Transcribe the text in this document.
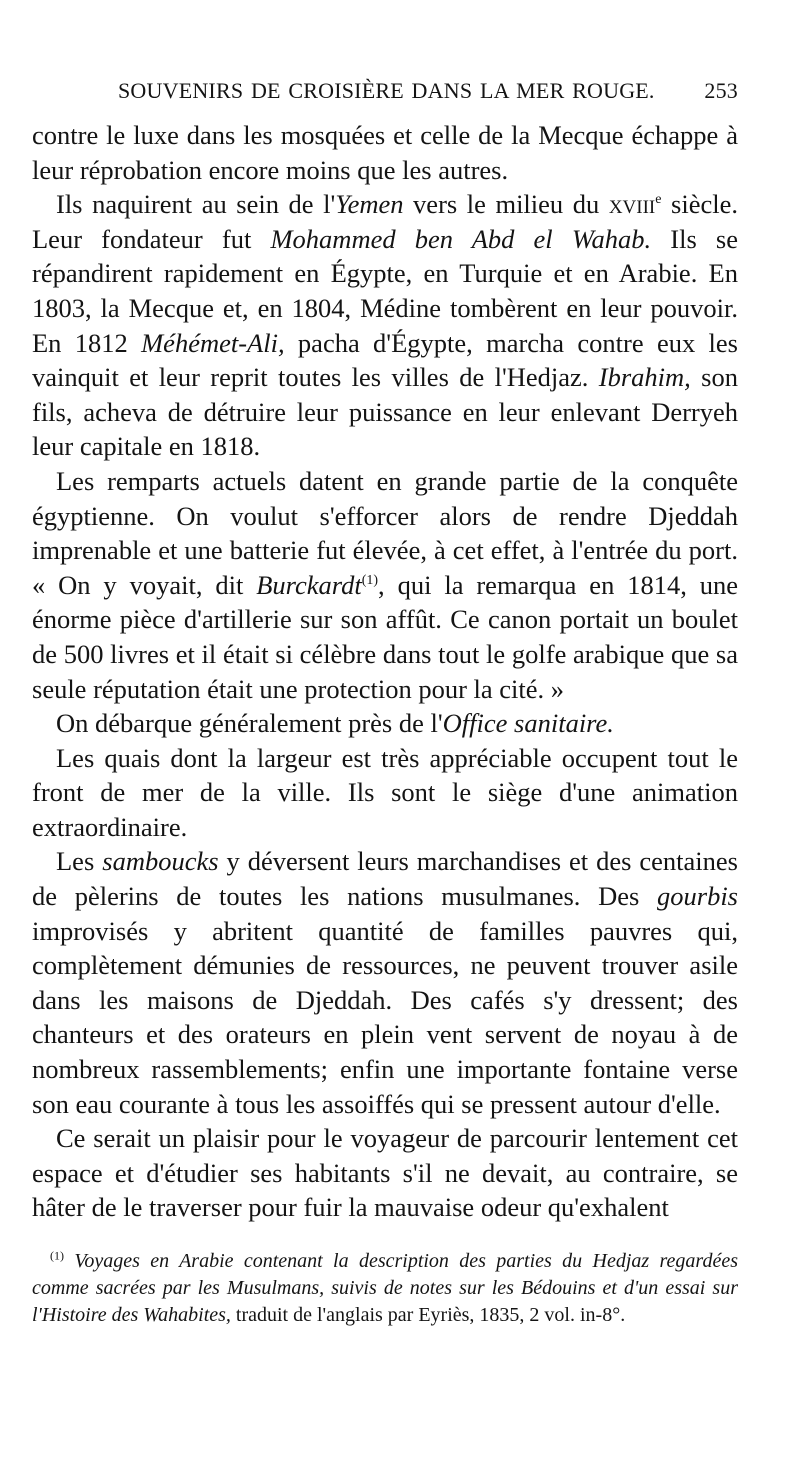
SOUVENIRS DE CROISIÈRE DANS LA MER ROUGE. 253

contre le luxe dans les mosquées et celle de la Mecque échappe à leur réprobation encore moins que les autres.

Ils naquirent au sein de l'Yemen vers le milieu du xviii$^e$ siècle. Leur fondateur fut Mohammed ben Abd el Wahab. Ils se répandirent rapidement en Égypte, en Turquie et en Arabie. En 1803, la Mecque et, en 1804, Médine tombèrent en leur pouvoir. En 1812 Méhémet-Ali, pacha d'Égypte, marcha contre eux les vainquit et leur reprit toutes les villes de l'Hedjaz. Ibrahim, son fils, acheva de détruire leur puissance en leur enlevant Derryeh leur capitale en 1818.

Les remparts actuels datent en grande partie de la conquête égyptienne. On voulut s'efforcer alors de rendre Djeddah imprenable et une batterie fut élevée, à cet effet, à l'entrée du port. « On y voyait, dit Burckardt$^{(1)}$, qui la remarqua en 1814, une énorme pièce d'artillerie sur son affût. Ce canon portait un boulet de 500 livres et il était si célèbre dans tout le golfe arabique que sa seule réputation était une protection pour la cité. »

On débarque généralement près de l'Office sanitaire.

Les quais dont la largeur est très appréciable occupent tout le front de mer de la ville. Ils sont le siège d'une animation extraordinaire.

Les samboucks y déversent leurs marchandises et des centaines de pèlerins de toutes les nations musulmanes. Des gourbis improvisés y abritent quantité de familles pauvres qui, complètement démunies de ressources, ne peuvent trouver asile dans les maisons de Djeddah. Des cafés s'y dressent; des chanteurs et des orateurs en plein vent servent de noyau à de nombreux rassemblements; enfin une importante fontaine verse son eau courante à tous les assoiffés qui se pressent autour d'elle.

Ce serait un plaisir pour le voyageur de parcourir lentement cet espace et d'étudier ses habitants s'il ne devait, au contraire, se hâter de le traverser pour fuir la mauvaise odeur qu'exhalent

$^{(1)}$ Voyages en Arabie contenant la description des parties du Hedjaz regardées comme sacrées par les Musulmans, suivis de notes sur les Bédouins et d'un essai sur l'Histoire des Wahabites, traduit de l'anglais par Eyriès, 1835, 2 vol. in-8°.
